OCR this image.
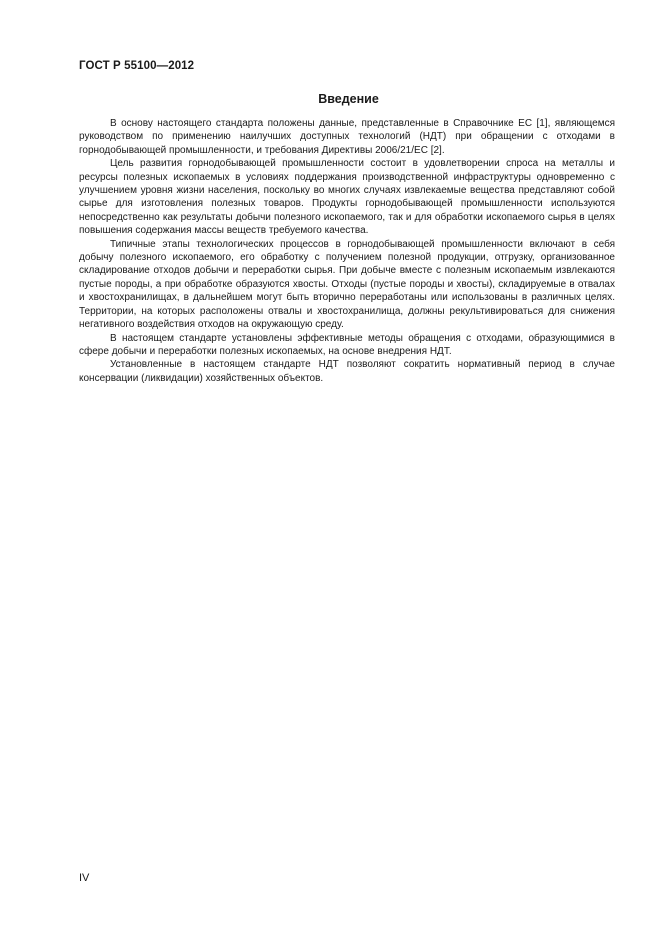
ГОСТ Р 55100—2012
Введение

В основу настоящего стандарта положены данные, представленные в Справочнике ЕС [1], являющемся руководством по применению наилучших доступных технологий (НДТ) при обращении с отходами в горнодобывающей промышленности, и требования Директивы 2006/21/ЕС [2].

Цель развития горнодобывающей промышленности состоит в удовлетворении спроса на металлы и ресурсы полезных ископаемых в условиях поддержания производственной инфраструктуры одновременно с улучшением уровня жизни населения, поскольку во многих случаях извлекаемые вещества представляют собой сырье для изготовления полезных товаров. Продукты горнодобывающей промышленности используются непосредственно как результаты добычи полезного ископаемого, так и для обработки ископаемого сырья в целях повышения содержания массы веществ требуемого качества.

Типичные этапы технологических процессов в горнодобывающей промышленности включают в себя добычу полезного ископаемого, его обработку с получением полезной продукции, отгрузку, организованное складирование отходов добычи и переработки сырья. При добыче вместе с полезным ископаемым извлекаются пустые породы, а при обработке образуются хвосты. Отходы (пустые породы и хвосты), складируемые в отвалах и хвостохранилищах, в дальнейшем могут быть вторично переработаны или использованы в различных целях. Территории, на которых расположены отвалы и хвостохранилища, должны рекультивироваться для снижения негативного воздействия отходов на окружающую среду.

В настоящем стандарте установлены эффективные методы обращения с отходами, образующимися в сфере добычи и переработки полезных ископаемых, на основе внедрения НДТ.

Установленные в настоящем стандарте НДТ позволяют сократить нормативный период в случае консервации (ликвидации) хозяйственных объектов.

IV
